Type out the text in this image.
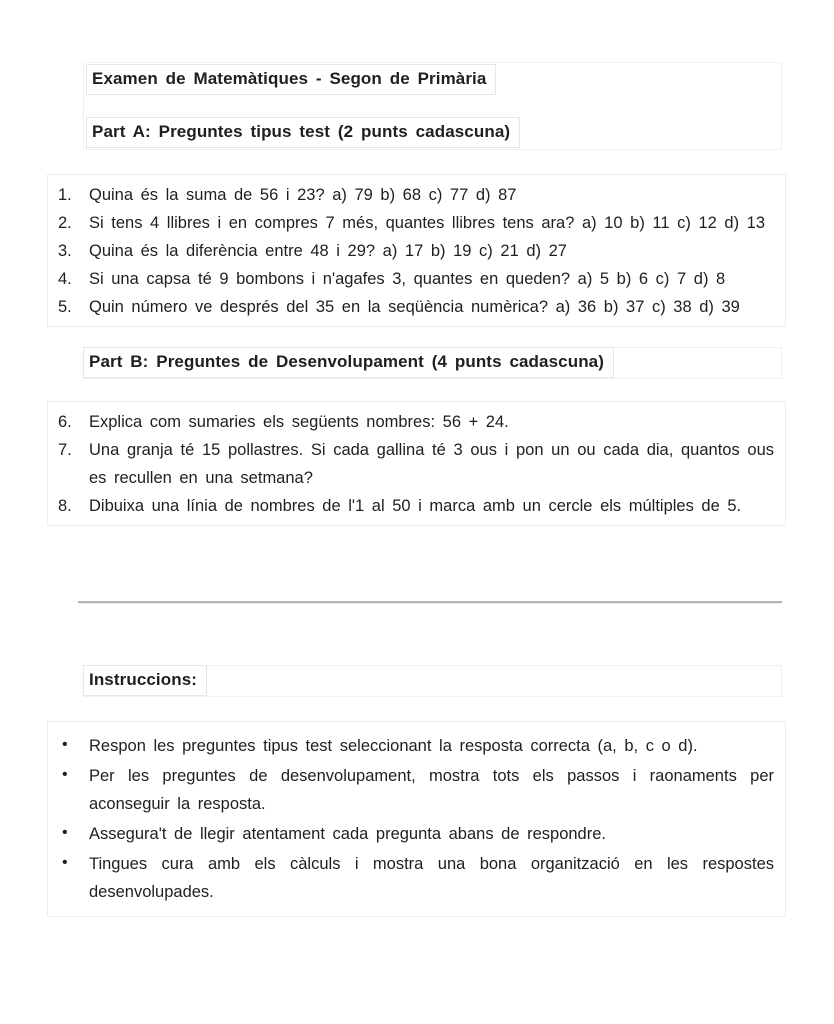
Examen de Matemàtiques - Segon de Primària
Part A: Preguntes tipus test (2 punts cadascuna)
1. Quina és la suma de 56 i 23? a) 79 b) 68 c) 77 d) 87
2. Si tens 4 llibres i en compres 7 més, quantes llibres tens ara? a) 10 b) 11 c) 12 d) 13
3. Quina és la diferència entre 48 i 29? a) 17 b) 19 c) 21 d) 27
4. Si una capsa té 9 bombons i n'agafes 3, quantes en queden? a) 5 b) 6 c) 7 d) 8
5. Quin número ve després del 35 en la seqüència numèrica? a) 36 b) 37 c) 38 d) 39
Part B: Preguntes de Desenvolupament (4 punts cadascuna)
6. Explica com sumaries els següents nombres: 56 + 24.
7. Una granja té 15 pollastres. Si cada gallina té 3 ous i pon un ou cada dia, quantos ous es recullen en una setmana?
8. Dibuixa una línia de nombres de l'1 al 50 i marca amb un cercle els múltiples de 5.
Instruccions:
• Respon les preguntes tipus test seleccionant la resposta correcta (a, b, c o d).
• Per les preguntes de desenvolupament, mostra tots els passos i raonaments per aconseguir la resposta.
• Assegura't de llegir atentament cada pregunta abans de respondre.
• Tingues cura amb els càlculs i mostra una bona organització en les respostes desenvolupades.
